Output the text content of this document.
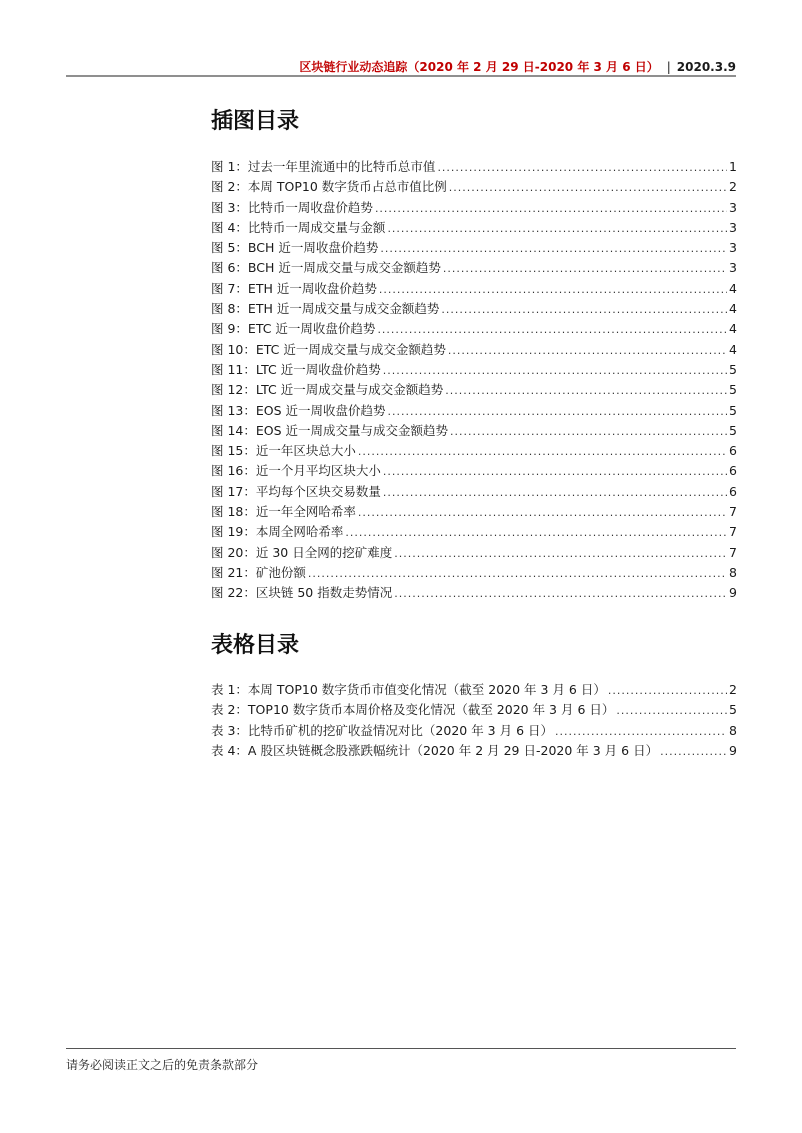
区块链行业动态追踪（2020 年 2 月 29 日-2020 年 3 月 6 日） | 2020.3.9
插图目录
图 1：过去一年里流通中的比特币总市值 .....	1
图 2：本周 TOP10 数字货币占总市值比例 .....	2
图 3：比特币一周收盘价趋势 .....	3
图 4：比特币一周成交量与金额 .....	3
图 5：BCH 近一周收盘价趋势 .....	3
图 6：BCH 近一周成交量与成交金额趋势 .....	3
图 7：ETH 近一周收盘价趋势 .....	4
图 8：ETH 近一周成交量与成交金额趋势 .....	4
图 9：ETC 近一周收盘价趋势 .....	4
图 10：ETC 近一周成交量与成交金额趋势 .....	4
图 11：LTC 近一周收盘价趋势 .....	5
图 12：LTC 近一周成交量与成交金额趋势 .....	5
图 13：EOS 近一周收盘价趋势 .....	5
图 14：EOS 近一周成交量与成交金额趋势 .....	5
图 15：近一年区块总大小 .....	6
图 16：近一个月平均区块大小 .....	6
图 17：平均每个区块交易数量 .....	6
图 18：近一年全网哈希率 .....	7
图 19：本周全网哈希率 .....	7
图 20：近 30 日全网的挖矿难度 .....	7
图 21：矿池份额 .....	8
图 22：区块链 50 指数走势情况 .....	9
表格目录
表 1：本周 TOP10 数字货币市值变化情况（截至 2020 年 3 月 6 日） .....	2
表 2：TOP10 数字货币本周价格及变化情况（截至 2020 年 3 月 6 日） .....	5
表 3：比特币矿机的挖矿收益情况对比（2020 年 3 月 6 日） .....	8
表 4：A 股区块链概念股涨跌幅统计（2020 年 2 月 29 日-2020 年 3 月 6 日） .....	9
请务必阅读正文之后的免责条款部分
